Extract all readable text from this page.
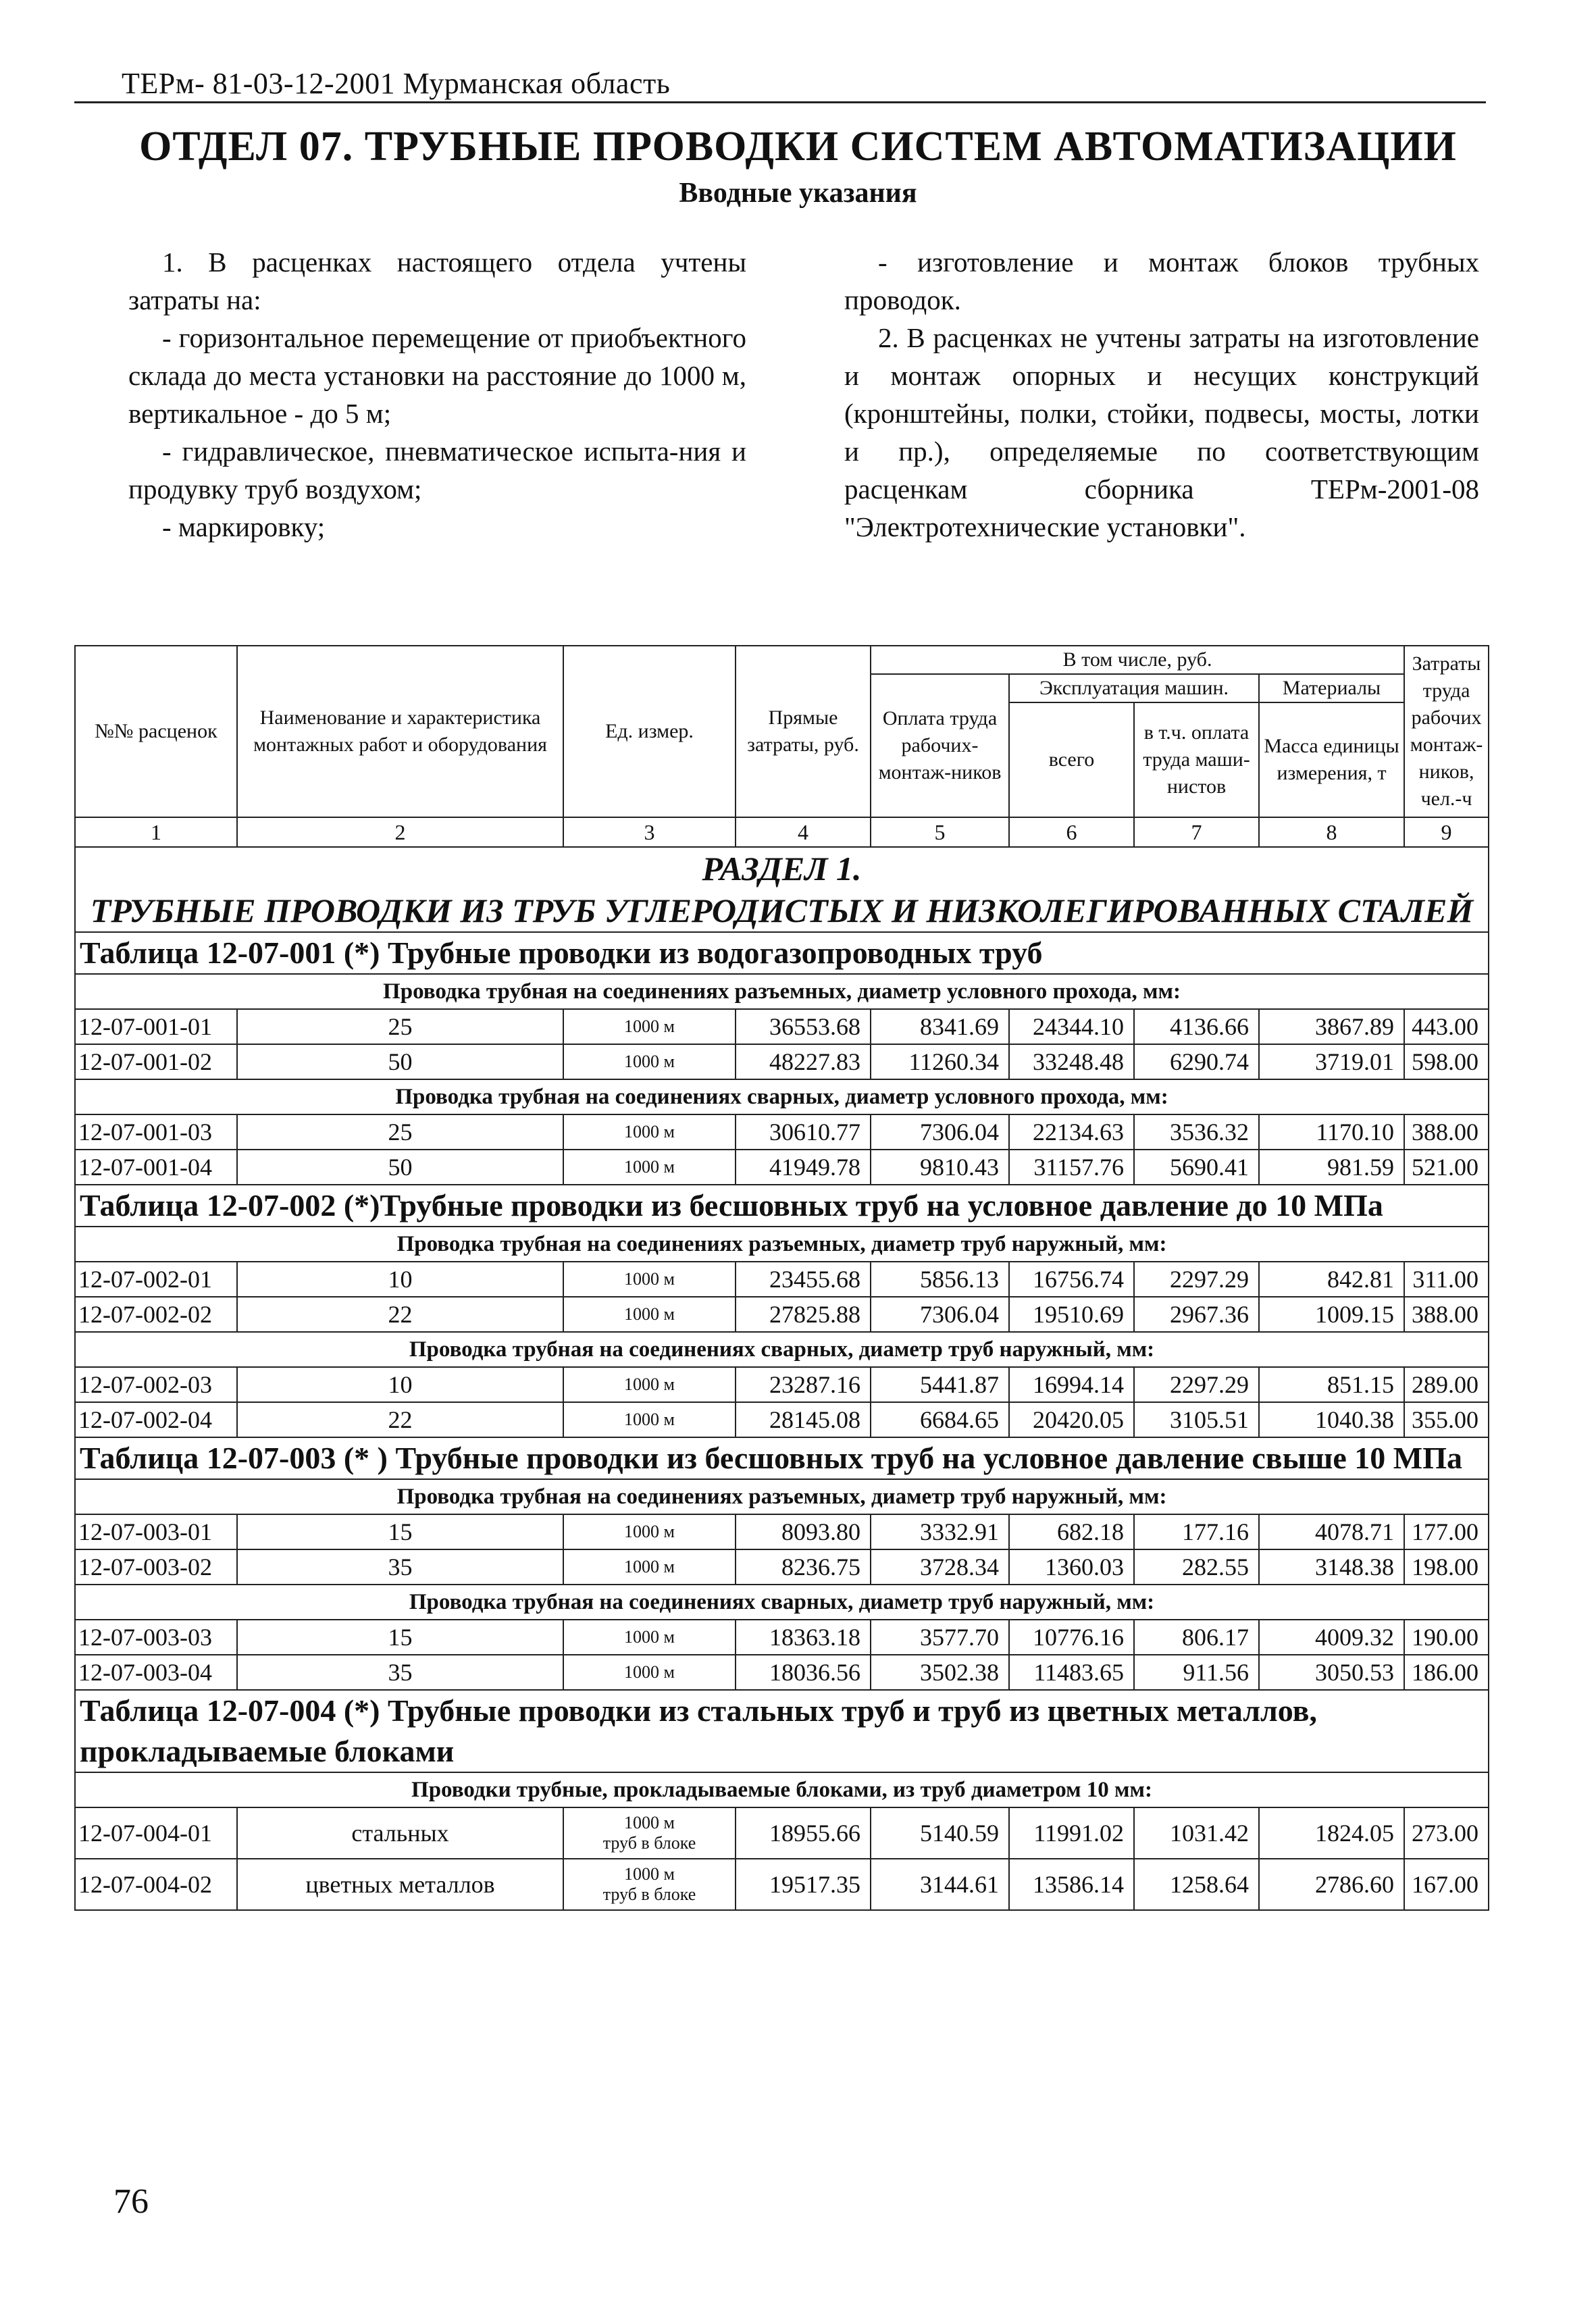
ТЕРм- 81-03-12-2001 Мурманская область
ОТДЕЛ 07. ТРУБНЫЕ ПРОВОДКИ СИСТЕМ АВТОМАТИЗАЦИИ
Вводные указания

1. В расценках настоящего отдела учтены затраты на:

- горизонтальное перемещение от приобъектного склада до места установки на расстояние до 1000 м, вертикальное - до 5 м;

- гидравлическое, пневматическое испыта-ния и продувку труб воздухом;

- маркировку;

- изготовление и монтаж блоков трубных проводок.

2. В расценках не учтены затраты на изготовление и монтаж опорных и несущих конструкций (кронштейны, полки, стойки, подвесы, мосты, лотки и пр.), определяемые по соответствующим расценкам сборника ТЕРм-2001-08 "Электротехнические установки".

№№ расценок	Наименование и характеристика монтажных работ и оборудования	Ед. измер.	Прямые затраты, руб.	В том числе, руб.				Затраты труда рабочих монтаж-ников, чел.-ч
				Оплата труда рабочих-монтаж-ников	Эксплуатация машин.		Материалы	
					всего	в т.ч. оплата труда маши-нистов	Масса единицы измерения, т	
1	2	3	4	5	6	7	8	9

РАЗДЕЛ 1.
ТРУБНЫЕ ПРОВОДКИ ИЗ ТРУБ УГЛЕРОДИСТЫХ И НИЗКОЛЕГИРОВАННЫХ СТАЛЕЙ								

Таблица 12-07-001 (*) Трубные проводки из водогазопроводных труб								
Проводка трубная на соединениях разъемных, диаметр условного прохода, мм:								
12-07-001-01	25	1000 м	36553.68	8341.69	24344.10	4136.66	3867.89	443.00
12-07-001-02	50	1000 м	48227.83	11260.34	33248.48	6290.74	3719.01	598.00
Проводка трубная на соединениях сварных, диаметр условного прохода, мм:								
12-07-001-03	25	1000 м	30610.77	7306.04	22134.63	3536.32	1170.10	388.00
12-07-001-04	50	1000 м	41949.78	9810.43	31157.76	5690.41	981.59	521.00
Таблица 12-07-002 (*)Трубные проводки из бесшовных труб на условное давление до 10 МПа								
Проводка трубная на соединениях разъемных, диаметр труб наружный, мм:								
12-07-002-01	10	1000 м	23455.68	5856.13	16756.74	2297.29	842.81	311.00
12-07-002-02	22	1000 м	27825.88	7306.04	19510.69	2967.36	1009.15	388.00
Проводка трубная на соединениях сварных, диаметр труб наружный, мм:								
12-07-002-03	10	1000 м	23287.16	5441.87	16994.14	2297.29	851.15	289.00
12-07-002-04	22	1000 м	28145.08	6684.65	20420.05	3105.51	1040.38	355.00
Таблица 12-07-003 (* ) Трубные проводки из бесшовных труб на условное давление свыше 10 МПа								
Проводка трубная на соединениях разъемных, диаметр труб наружный, мм:								
12-07-003-01	15	1000 м	8093.80	3332.91	682.18	177.16	4078.71	177.00
12-07-003-02	35	1000 м	8236.75	3728.34	1360.03	282.55	3148.38	198.00
Проводка трубная на соединениях сварных, диаметр труб наружный, мм:								
12-07-003-03	15	1000 м	18363.18	3577.70	10776.16	806.17	4009.32	190.00
12-07-003-04	35	1000 м	18036.56	3502.38	11483.65	911.56	3050.53	186.00
Таблица 12-07-004 (*) Трубные проводки из стальных труб и труб из цветных металлов, прокладываемые блоками								
Проводки трубные, прокладываемые блоками, из труб диаметром 10 мм:								
12-07-004-01	стальных	1000 м
труб в блоке	18955.66	5140.59	11991.02	1031.42	1824.05	273.00
12-07-004-02	цветных металлов	1000 м
труб в блоке	19517.35	3144.61	13586.14	1258.64	2786.60	167.00
76
